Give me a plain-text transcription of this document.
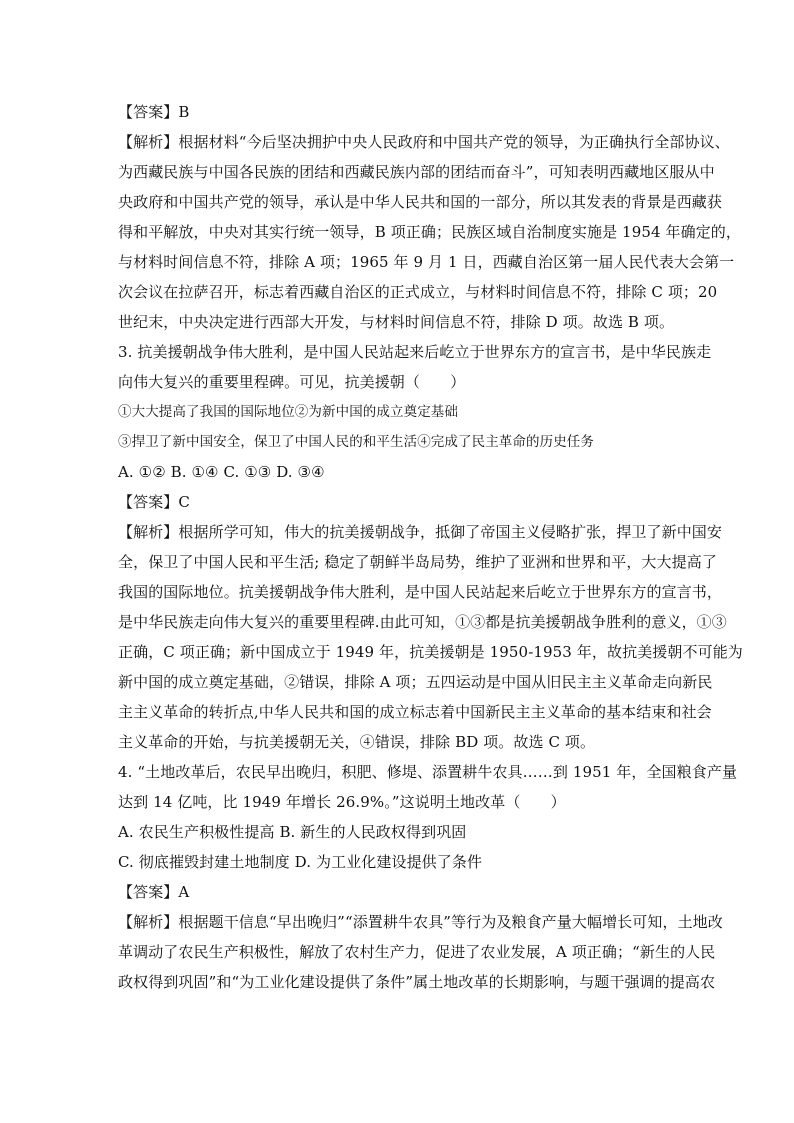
【答案】B
【解析】根据材料“今后坚决拥护中央人民政府和中国共产党的领导，为正确执行全部协议、
为西藏民族与中国各民族的团结和西藏民族内部的团结而奋斗”，可知表明西藏地区服从中
央政府和中国共产党的领导，承认是中华人民共和国的一部分，所以其发表的背景是西藏获
得和平解放，中央对其实行统一领导，B 项正确；民族区域自治制度实施是 1954 年确定的，
与材料时间信息不符，排除 A 项；1965 年 9 月 1 日，西藏自治区第一届人民代表大会第一
次会议在拉萨召开，标志着西藏自治区的正式成立，与材料时间信息不符，排除 C 项；20
世纪末，中央决定进行西部大开发，与材料时间信息不符，排除 D 项。故选 B 项。
3. 抗美援朝战争伟大胜利，是中国人民站起来后屹立于世界东方的宣言书，是中华民族走
向伟大复兴的重要里程碑。可见，抗美援朝（　　）
①大大提高了我国的国际地位②为新中国的成立奠定基础
③捍卫了新中国安全，保卫了中国人民的和平生活④完成了民主革命的历史任务
A. ①② B. ①④ C. ①③ D. ③④
【答案】C
【解析】根据所学可知，伟大的抗美援朝战争，抵御了帝国主义侵略扩张，捍卫了新中国安
全，保卫了中国人民和平生活; 稳定了朝鲜半岛局势，维护了亚洲和世界和平，大大提高了
我国的国际地位。抗美援朝战争伟大胜利，是中国人民站起来后屹立于世界东方的宣言书，
是中华民族走向伟大复兴的重要里程碑.由此可知，①③都是抗美援朝战争胜利的意义，①③
正确，C 项正确；新中国成立于 1949 年，抗美援朝是 1950-1953 年，故抗美援朝不可能为
新中国的成立奠定基础，②错误，排除 A 项；五四运动是中国从旧民主主义革命走向新民
主主义革命的转折点,中华人民共和国的成立标志着中国新民主主义革命的基本结束和社会
主义革命的开始，与抗美援朝无关，④错误，排除 BD 项。故选 C 项。
4. “土地改革后，农民早出晚归，积肥、修堤、添置耕牛农具……到 1951 年，全国粮食产量
达到 14 亿吨，比 1949 年增长 26.9%。”这说明土地改革（　　）
A. 农民生产积极性提高 B. 新生的人民政权得到巩固
C. 彻底摧毁封建土地制度 D. 为工业化建设提供了条件
【答案】A
【解析】根据题干信息“早出晚归”“添置耕牛农具”等行为及粮食产量大幅增长可知，土地改
革调动了农民生产积极性，解放了农村生产力，促进了农业发展，A 项正确；“新生的人民
政权得到巩固”和“为工业化建设提供了条件”属土地改革的长期影响，与题干强调的提高农
